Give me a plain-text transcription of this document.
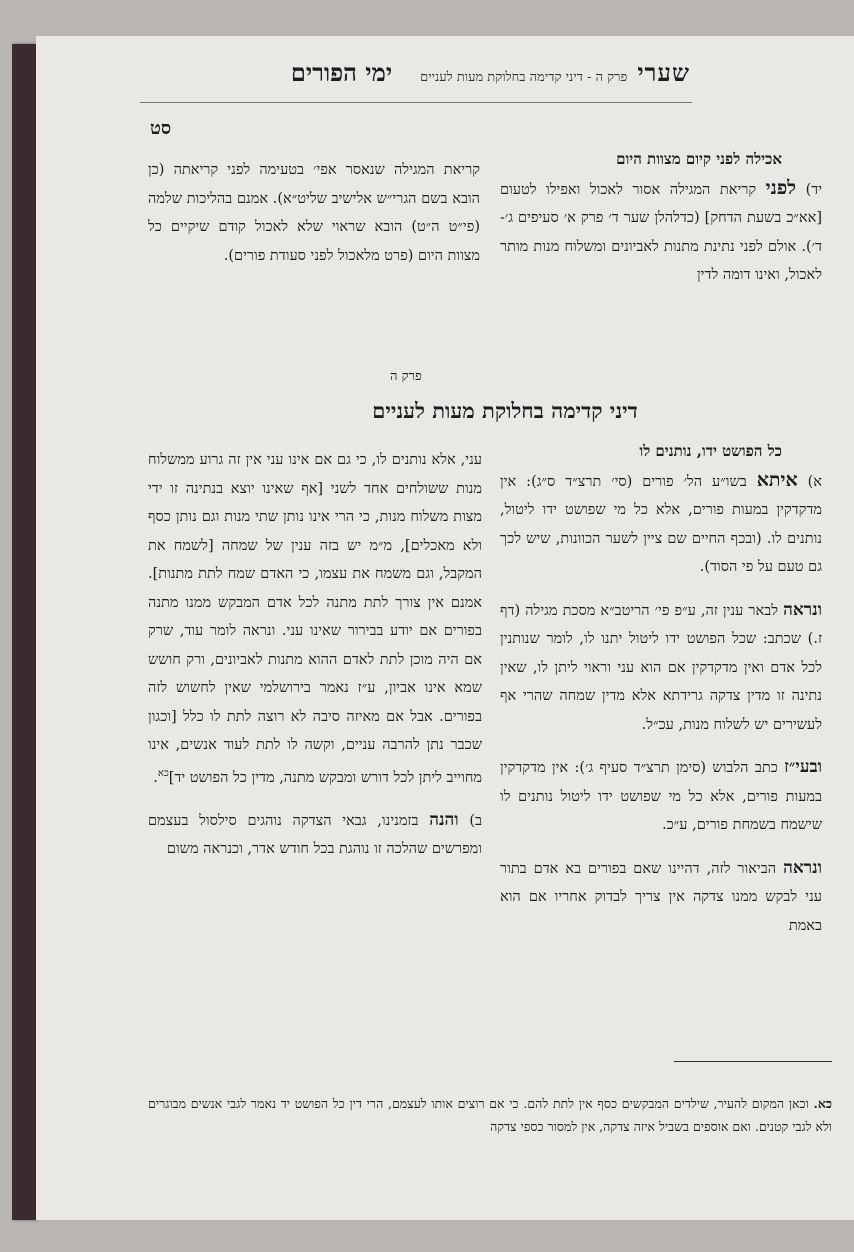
שערי
פרק ה - דיני קדימה בחלוקת מעות לעניים
ימי הפורים
סט

אכילה לפני קיום מצוות היום

יד) לפני קריאת המגילה אסור לאכול ואפילו לטעום [אא״כ בשעת הדחק] (כדלהלן שער ד׳ פרק א׳ סעיפים ג׳-ד׳). אולם לפני נתינת מתנות לאביונים ומשלוח מנות מותר לאכול, ואינו דומה לדין

קריאת המגילה שנאסר אפי׳ בטעימה לפני קריאתה (כן הובא בשם הגרי״ש אלישיב שליט״א). אמנם בהליכות שלמה (פי״ט ה״ט) הובא שראוי שלא לאכול קודם שיקיים כל מצוות היום (פרט מלאכול לפני סעודת פורים).

פרק ה
דיני קדימה בחלוקת מעות לעניים

כל הפושט ידו, נותנים לו

א) איתא בשו״ע הל׳ פורים (סי׳ תרצ״ד ס״ג): אין מדקדקין במעות פורים, אלא כל מי שפושט ידו ליטול, נותנים לו. (ובכף החיים שם ציין לשער הכוונות, שיש לכך גם טעם על פי הסוד).

ונראה לבאר ענין זה, ע״פ פי׳ הריטב״א מסכת מגילה (דף ז.) שכתב: שכל הפושט ידו ליטול יתנו לו, לומר שנותנין לכל אדם ואין מדקדקין אם הוא עני וראוי ליתן לו, שאין נתינה זו מדין צדקה גרידתא אלא מדין שמחה שהרי אף לעשירים יש לשלוח מנות, עכ״ל.

ובעי״ז כתב הלבוש (סימן תרצ״ד סעיף ג׳): אין מדקדקין במעות פורים, אלא כל מי שפושט ידו ליטול נותנים לו שישמח בשמחת פורים, ע״כ.

ונראה הביאור לזה, דהיינו שאם בפורים בא אדם בתור עני לבקש ממנו צדקה אין צריך לבדוק אחריו אם הוא באמת

עני, אלא נותנים לו, כי גם אם אינו עני אין זה גרוע ממשלוח מנות ששולחים אחד לשני [אף שאינו יוצא בנתינה זו ידי מצות משלוח מנות, כי הרי אינו נותן שתי מנות וגם נותן כסף ולא מאכלים], מ״מ יש בזה ענין של שמחה [לשמח את המקבל, וגם משמח את עצמו, כי האדם שמח לתת מתנות]. אמנם אין צורך לתת מתנה לכל אדם המבקש ממנו מתנה בפורים אם יודע בבירור שאינו עני. ונראה לומר עוד, שרק אם היה מוכן לתת לאדם ההוא מתנות לאביונים, ורק חושש שמא אינו אביון, ע״ז נאמר בירושלמי שאין לחשוש לזה בפורים. אבל אם מאיזה סיבה לא רוצה לתת לו כלל [וכגון שכבר נתן להרבה עניים, וקשה לו לתת לעוד אנשים, אינו מחוייב ליתן לכל דורש ומבקש מתנה, מדין כל הפושט יד]$^{כא}$.

ב) והנה בזמנינו, גבאי הצדקה נוהגים סילסול בעצמם ומפרשים שהלכה זו נוהגת בכל חודש אדר, וכנראה משום

כא. וכאן המקום להעיר, שילדים המבקשים כסף אין לתת להם. כי אם רוצים אותו לעצמם, הרי דין כל הפושט יד נאמר לגבי אנשים מבוגרים ולא לגבי קטנים. ואם אוספים בשביל איזה צדקה, אין למסור כספי צדקה
